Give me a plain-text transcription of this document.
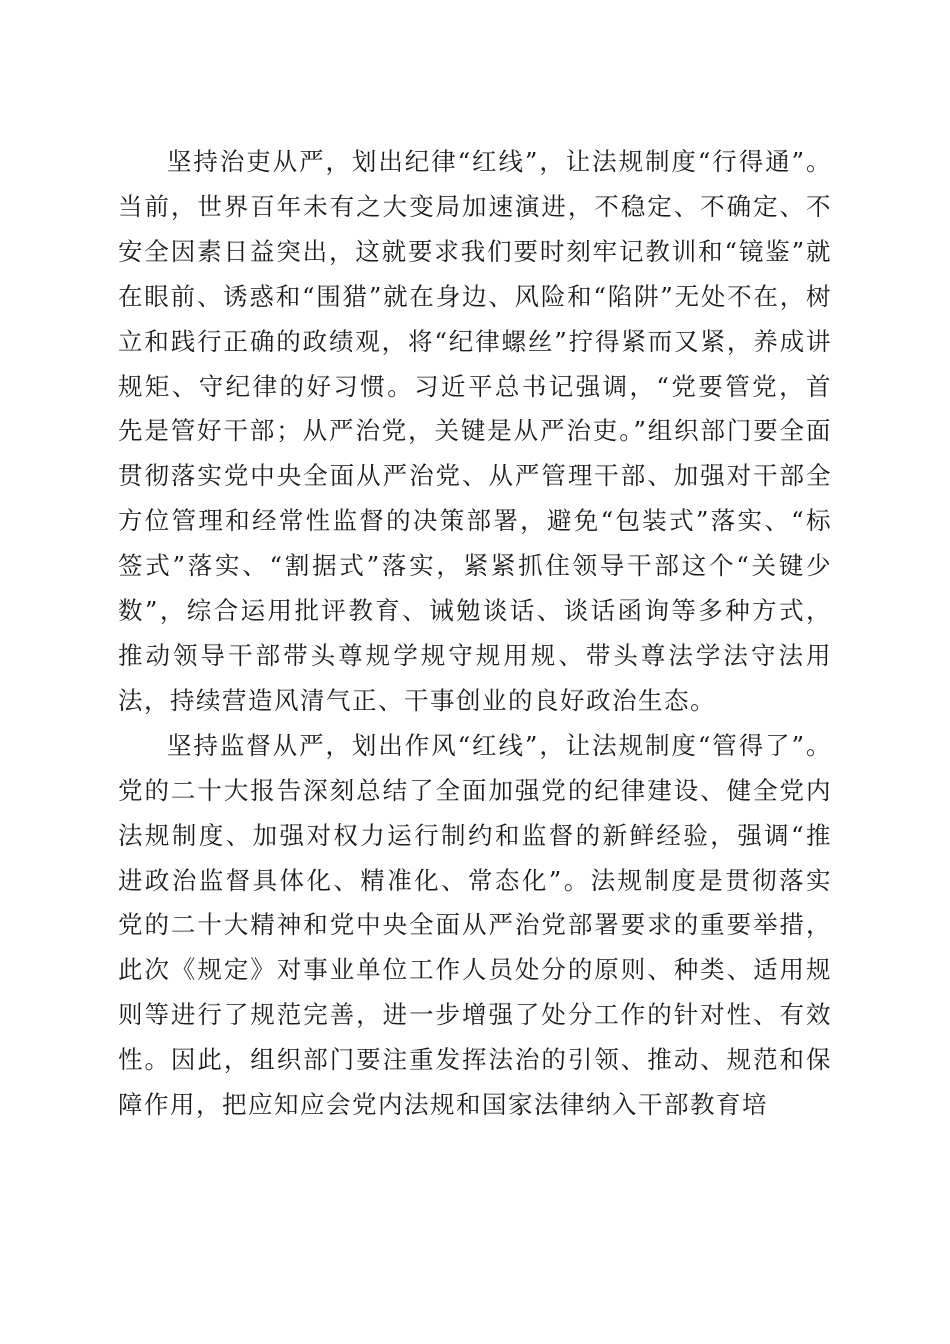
坚持治吏从严，划出纪律“红线”，让法规制度“行得通”。当前，世界百年未有之大变局加速演进，不稳定、不确定、不安全因素日益突出，这就要求我们要时刻牢记教训和“镜鉴”就在眼前、诱惑和“围猎”就在身边、风险和“陷阱”无处不在，树立和践行正确的政绩观，将“纪律螺丝”拧得紧而又紧，养成讲规矩、守纪律的好习惯。习近平总书记强调，“党要管党，首先是管好干部；从严治党，关键是从严治吏。”组织部门要全面贯彻落实党中央全面从严治党、从严管理干部、加强对干部全方位管理和经常性监督的决策部署，避免“包装式”落实、“标签式”落实、“割据式”落实，紧紧抓住领导干部这个“关键少数”，综合运用批评教育、诫勉谈话、谈话函询等多种方式，推动领导干部带头尊规学规守规用规、带头尊法学法守法用法，持续营造风清气正、干事创业的良好政治生态。

坚持监督从严，划出作风“红线”，让法规制度“管得了”。党的二十大报告深刻总结了全面加强党的纪律建设、健全党内法规制度、加强对权力运行制约和监督的新鲜经验，强调“推进政治监督具体化、精准化、常态化”。法规制度是贯彻落实党的二十大精神和党中央全面从严治党部署要求的重要举措，此次《规定》对事业单位工作人员处分的原则、种类、适用规则等进行了规范完善，进一步增强了处分工作的针对性、有效性。因此，组织部门要注重发挥法治的引领、推动、规范和保障作用，把应知应会党内法规和国家法律纳入干部教育培
